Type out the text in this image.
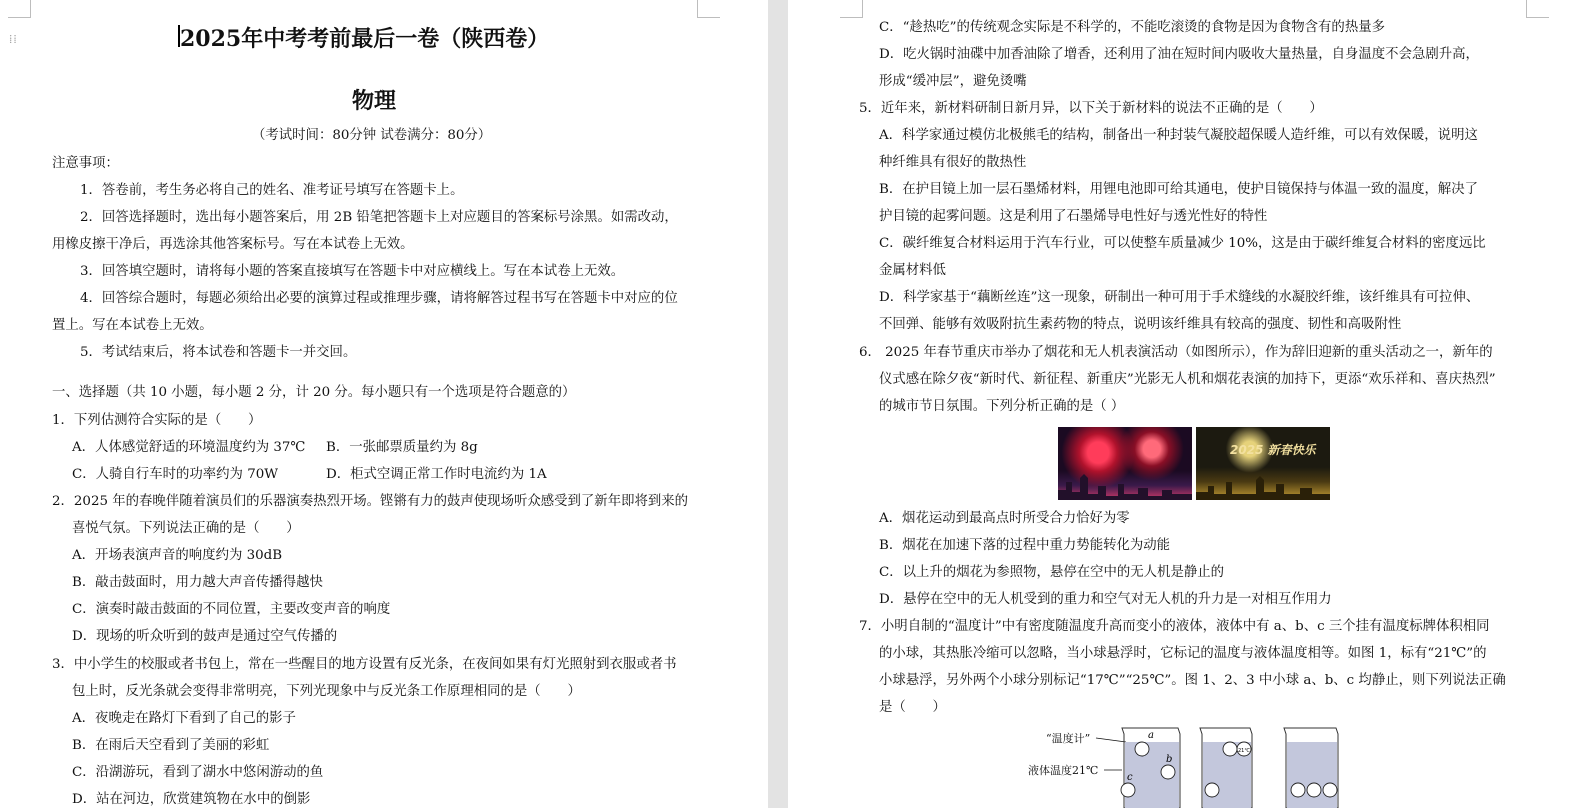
⁞⁞	2025年中考考前最后一卷（陕西卷）
物理
（考试时间：80分钟 试卷满分：80分）
注意事项：
1．答卷前，考生务必将自己的姓名、准考证号填写在答题卡上。
2．回答选择题时，选出每小题答案后，用 2B 铅笔把答题卡上对应题目的答案标号涂黑。如需改动，
用橡皮擦干净后，再选涂其他答案标号。写在本试卷上无效。
3．回答填空题时，请将每小题的答案直接填写在答题卡中对应横线上。写在本试卷上无效。
4．回答综合题时，每题必须给出必要的演算过程或推理步骤，请将解答过程书写在答题卡中对应的位
置上。写在本试卷上无效。
5．考试结束后，将本试卷和答题卡一并交回。
一、选择题（共 10 小题，每小题 2 分，计 20 分。每小题只有一个选项是符合题意的）
1．下列估测符合实际的是（　　）
A．人体感觉舒适的环境温度约为 37℃ B．一张邮票质量约为 8g
C．人骑自行车时的功率约为 70W	D．柜式空调正常工作时电流约为 1A
2．2025 年的春晚伴随着演员们的乐器演奏热烈开场。铿锵有力的鼓声使现场听众感受到了新年即将到来的
喜悦气氛。下列说法正确的是（　　）
A．开场表演声音的响度约为 30dB
B．敲击鼓面时，用力越大声音传播得越快
C．演奏时敲击鼓面的不同位置，主要改变声音的响度
D．现场的听众听到的鼓声是通过空气传播的
3．中小学生的校服或者书包上，常在一些醒目的地方设置有反光条，在夜间如果有灯光照射到衣服或者书
包上时，反光条就会变得非常明亮，下列光现象中与反光条工作原理相同的是（　　）
A．夜晚走在路灯下看到了自己的影子
B．在雨后天空看到了美丽的彩虹
C．沿湖游玩，看到了湖水中悠闲游动的鱼
D．站在河边，欣赏建筑物在水中的倒影
C．“趁热吃”的传统观念实际是不科学的，不能吃滚烫的食物是因为食物含有的热量多
D．吃火锅时油碟中加香油除了增香，还利用了油在短时间内吸收大量热量，自身温度不会急剧升高，
形成“缓冲层”，避免烫嘴
5．近年来，新材料研制日新月异，以下关于新材料的说法不正确的是（　　）
A．科学家通过模仿北极熊毛的结构，制备出一种封装气凝胶超保暖人造纤维，可以有效保暖，说明这
种纤维具有很好的散热性
B．在护目镜上加一层石墨烯材料，用锂电池即可给其通电，使护目镜保持与体温一致的温度，解决了
护目镜的起雾问题。这是利用了石墨烯导电性好与透光性好的特性
C．碳纤维复合材料运用于汽车行业，可以使整车质量减少 10%，这是由于碳纤维复合材料的密度远比
金属材料低
D．科学家基于“藕断丝连”这一现象，研制出一种可用于手术缝线的水凝胶纤维，该纤维具有可拉伸、
不回弹、能够有效吸附抗生素药物的特点，说明该纤维具有较高的强度、韧性和高吸附性
6． 2025 年春节重庆市举办了烟花和无人机表演活动（如图所示），作为辞旧迎新的重头活动之一，新年的
仪式感在除夕夜“新时代、新征程、新重庆”光影无人机和烟花表演的加持下，更添“欢乐祥和、喜庆热烈”
的城市节日氛围。下列分析正确的是（ ）
2025 新春快乐
A．烟花运动到最高点时所受合力恰好为零
B．烟花在加速下落的过程中重力势能转化为动能
C．以上升的烟花为参照物，悬停在空中的无人机是静止的
D．悬停在空中的无人机受到的重力和空气对无人机的升力是一对相互作用力
7．小明自制的“温度计”中有密度随温度升高而变小的液体，液体中有 a、b、c 三个挂有温度标牌体积相同
的小球，其热胀冷缩可以忽略，当小球悬浮时，它标记的温度与液体温度相等。如图 1，标有“21℃”的
小球悬浮，另外两个小球分别标记“17℃”“25℃”。图 1、2、3 中小球 a、b、c 均静止，则下列说法正确
是（　　）
“温度计”
液体温度21℃
a
b
c
21℃
